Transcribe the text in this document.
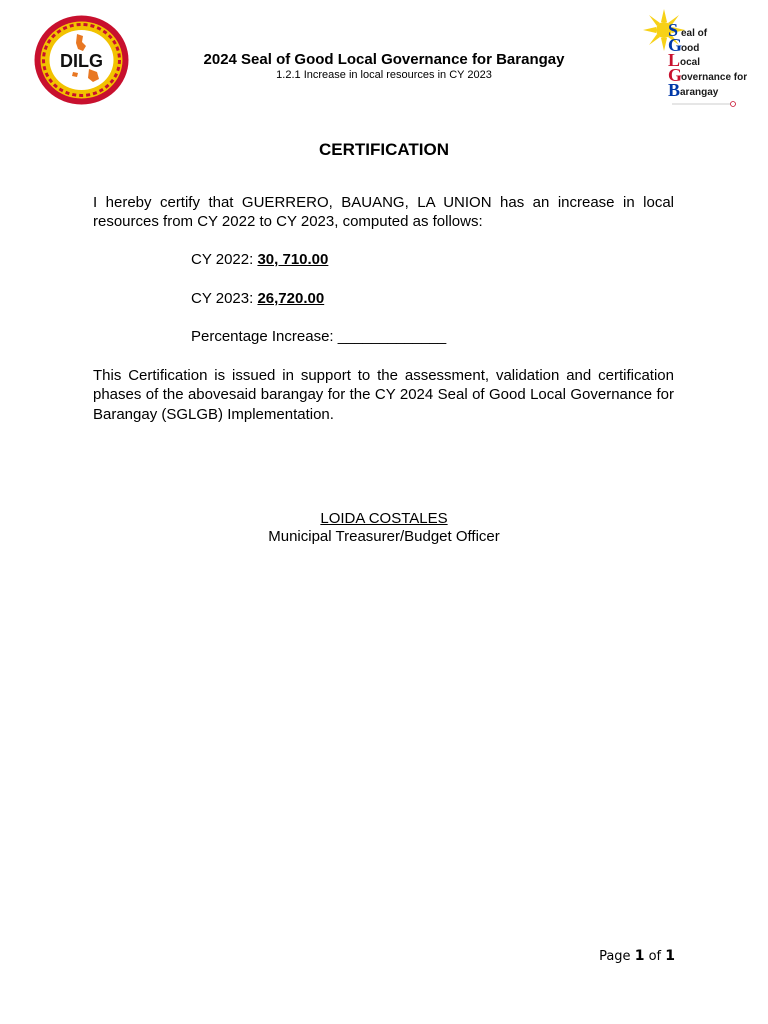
DILG	2024 Seal of Good Local Governance for Barangay
1.2.1 Increase in local resources in CY 2023
S eal of
G
ood
L ocal
G
overnance for
B arangay
CERTIFICATION
I hereby certify that GUERRERO, BAUANG, LA UNION has an increase in local resources from CY 2022 to CY 2023, computed as follows:
CY 2022: 30, 710.00
CY 2023: 26,720.00
Percentage Increase: _____________
This Certification is issued in support to the assessment, validation and certification phases of the abovesaid barangay for the CY 2024 Seal of Good Local Governance for Barangay (SGLGB) Implementation.
LOIDA COSTALES
Municipal Treasurer/Budget Officer
Page 1 of 1
